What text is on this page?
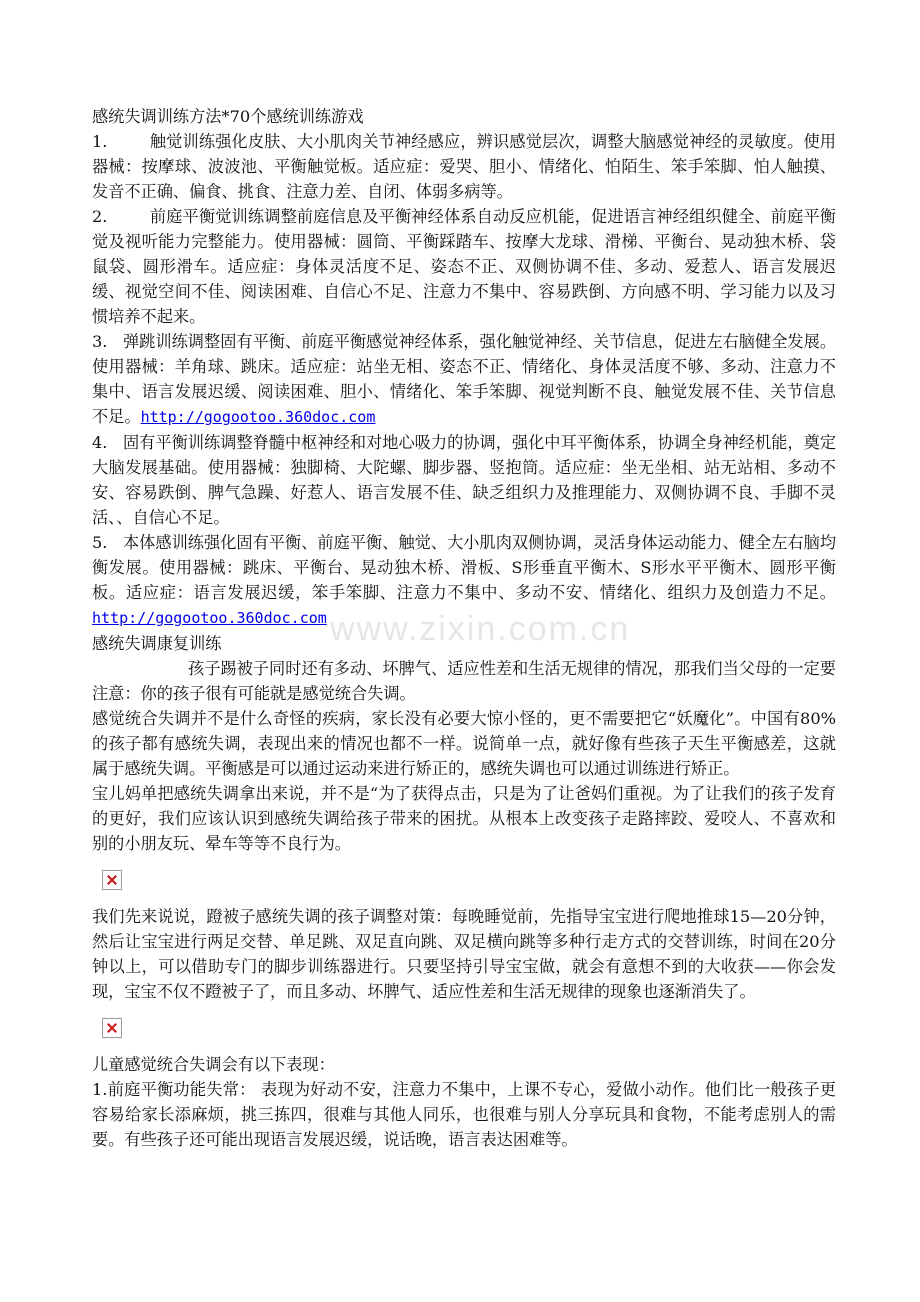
www.zixin.com.cn

感统失调训练方法*70个感统训练游戏

1.	触觉训练强化皮肤、大小肌肉关节神经感应，辨识感觉层次，调整大脑感觉神经的灵敏度。使用器械：按摩球、波波池、平衡触觉板。适应症：爱哭、胆小、情绪化、怕陌生、笨手笨脚、怕人触摸、发音不正确、偏食、挑食、注意力差、自闭、体弱多病等。

2.	前庭平衡觉训练调整前庭信息及平衡神经体系自动反应机能，促进语言神经组织健全、前庭平衡觉及视听能力完整能力。使用器械：圆筒、平衡踩踏车、按摩大龙球、滑梯、平衡台、晃动独木桥、袋鼠袋、圆形滑车。适应症：身体灵活度不足、姿态不正、双侧协调不佳、多动、爱惹人、语言发展迟缓、视觉空间不佳、阅读困难、自信心不足、注意力不集中、容易跌倒、方向感不明、学习能力以及习惯培养不起来。

3. 弹跳训练调整固有平衡、前庭平衡感觉神经体系，强化触觉神经、关节信息，促进左右脑健全发展。使用器械：羊角球、跳床。适应症：站坐无相、姿态不正、情绪化、身体灵活度不够、多动、注意力不集中、语言发展迟缓、阅读困难、胆小、情绪化、笨手笨脚、视觉判断不良、触觉发展不佳、关节信息不足。http://gogootoo.360doc.com

4. 固有平衡训练调整脊髓中枢神经和对地心吸力的协调，强化中耳平衡体系，协调全身神经机能，奠定大脑发展基础。使用器械：独脚椅、大陀螺、脚步器、竖抱筒。适应症：坐无坐相、站无站相、多动不安、容易跌倒、脾气急躁、好惹人、语言发展不佳、缺乏组织力及推理能力、双侧协调不良、手脚不灵活、、自信心不足。

5. 本体感训练强化固有平衡、前庭平衡、触觉、大小肌肉双侧协调，灵活身体运动能力、健全左右脑均衡发展。使用器械：跳床、平衡台、晃动独木桥、滑板、S形垂直平衡木、S形水平平衡木、圆形平衡板。适应症：语言发展迟缓，笨手笨脚、注意力不集中、多动不安、情绪化、组织力及创造力不足。http://gogootoo.360doc.com

感统失调康复训练

孩子踢被子同时还有多动、坏脾气、适应性差和生活无规律的情况，那我们当父母的一定要注意：你的孩子很有可能就是感觉统合失调。

感觉统合失调并不是什么奇怪的疾病，家长没有必要大惊小怪的，更不需要把它“妖魔化”。中国有80%的孩子都有感统失调，表现出来的情况也都不一样。说简单一点，就好像有些孩子天生平衡感差，这就属于感统失调。平衡感是可以通过运动来进行矫正的，感统失调也可以通过训练进行矫正。

宝儿妈单把感统失调拿出来说，并不是“为了获得点击，只是为了让爸妈们重视。为了让我们的孩子发育的更好，我们应该认识到感统失调给孩子带来的困扰。从根本上改变孩子走路摔跤、爱咬人、不喜欢和别的小朋友玩、晕车等等不良行为。

我们先来说说，蹬被子感统失调的孩子调整对策：每晚睡觉前，先指导宝宝进行爬地推球15—20分钟，然后让宝宝进行两足交替、单足跳、双足直向跳、双足横向跳等多种行走方式的交替训练，时间在20分钟以上，可以借助专门的脚步训练器进行。只要坚持引导宝宝做，就会有意想不到的大收获——你会发现，宝宝不仅不蹬被子了，而且多动、坏脾气、适应性差和生活无规律的现象也逐渐消失了。

儿童感觉统合失调会有以下表现：

1.前庭平衡功能失常： 表现为好动不安，注意力不集中，上课不专心，爱做小动作。他们比一般孩子更容易给家长添麻烦，挑三拣四，很难与其他人同乐，也很难与别人分享玩具和食物，不能考虑别人的需要。有些孩子还可能出现语言发展迟缓，说话晚，语言表达困难等。
